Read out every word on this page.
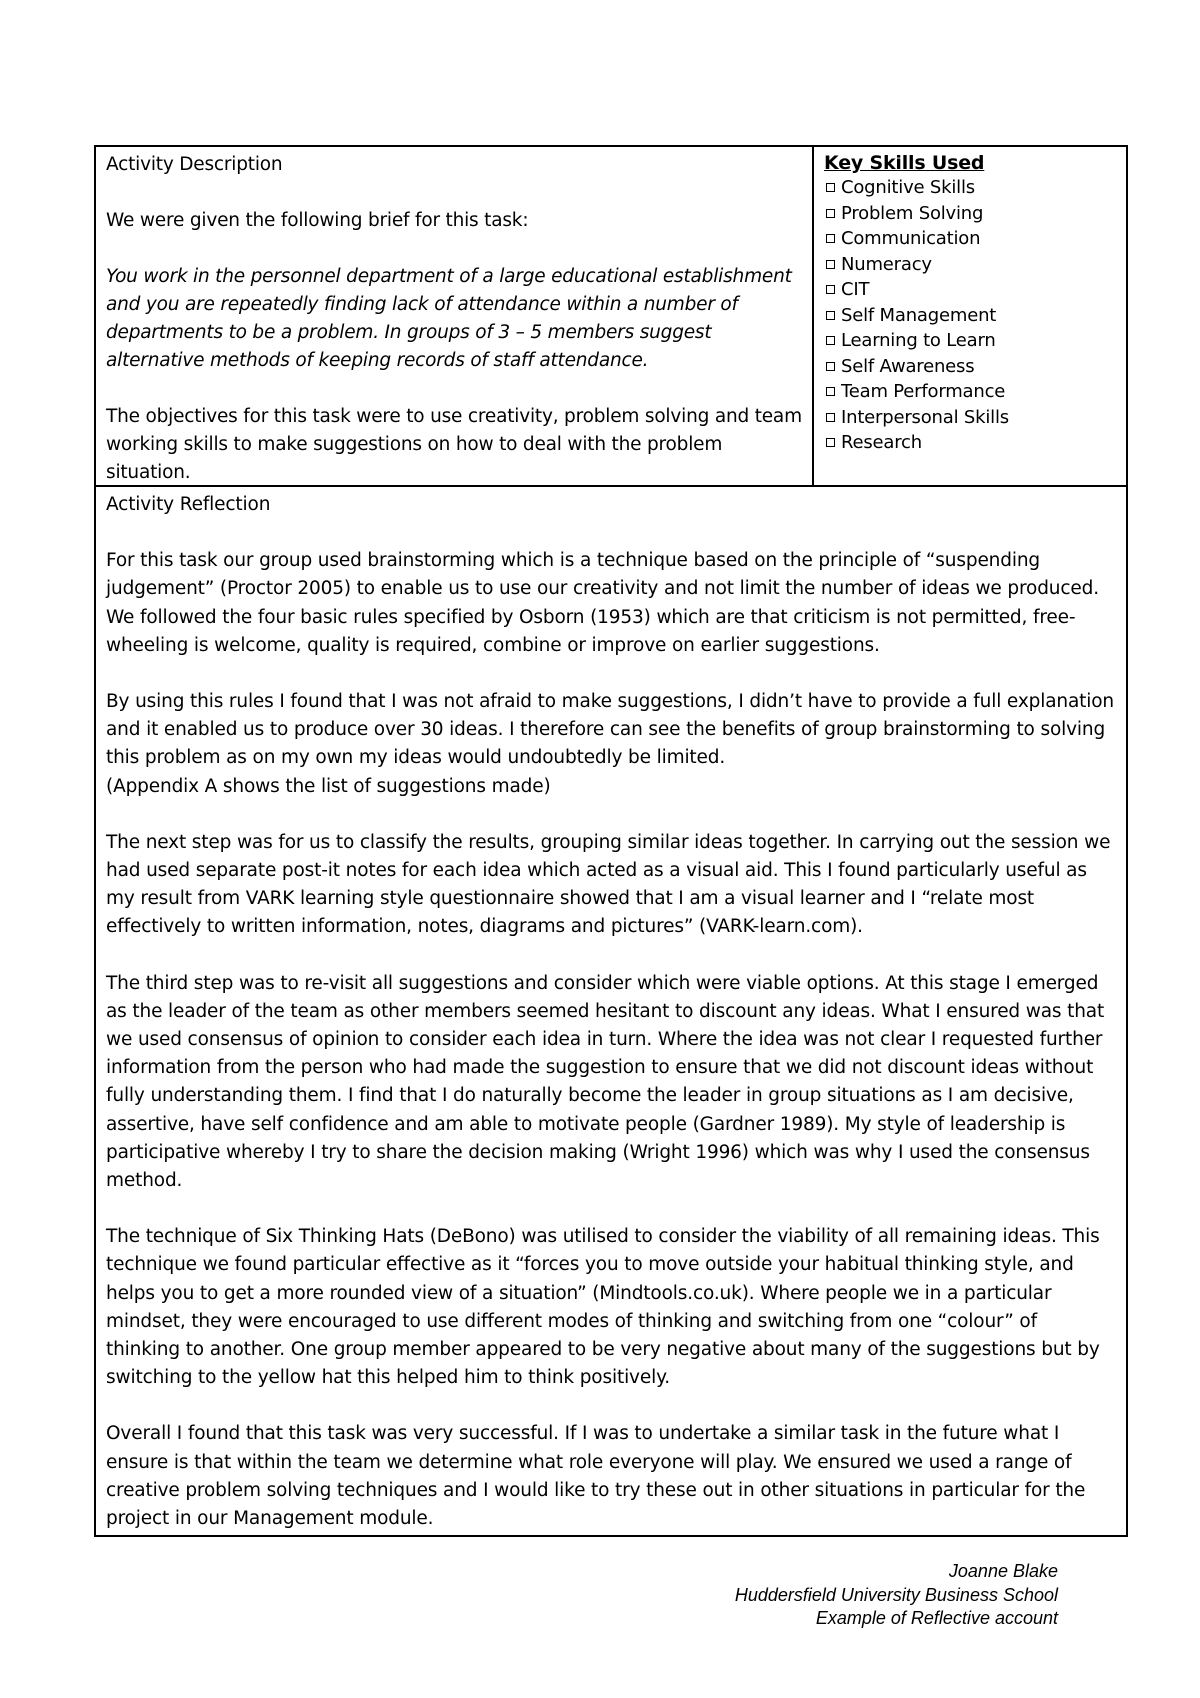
Activity Description

We were given the following brief for this task:

You work in the personnel department of a large educational establishment and you are repeatedly finding lack of attendance within a number of departments to be a problem. In groups of 3 – 5 members suggest alternative methods of keeping records of staff attendance.

The objectives for this task were to use creativity, problem solving and team working skills to make suggestions on how to deal with the problem situation.

Key Skills Used
Cognitive Skills
Problem Solving
Communication
Numeracy
CIT
Self Management
Learning to Learn
Self Awareness
Team Performance
Interpersonal Skills
Research

Activity Reflection

For this task our group used brainstorming which is a technique based on the principle of “suspending judgement” (Proctor 2005) to enable us to use our creativity and not limit the number of ideas we produced. We followed the four basic rules specified by Osborn (1953) which are that criticism is not permitted, free-wheeling is welcome, quality is required, combine or improve on earlier suggestions.

By using this rules I found that I was not afraid to make suggestions, I didn’t have to provide a full explanation and it enabled us to produce over 30 ideas. I therefore can see the benefits of group brainstorming to solving this problem as on my own my ideas would undoubtedly be limited.

(Appendix A shows the list of suggestions made)

The next step was for us to classify the results, grouping similar ideas together. In carrying out the session we had used separate post-it notes for each idea which acted as a visual aid. This I found particularly useful as my result from VARK learning style questionnaire showed that I am a visual learner and I “relate most effectively to written information, notes, diagrams and pictures” (VARK-learn.com).

The third step was to re-visit all suggestions and consider which were viable options. At this stage I emerged as the leader of the team as other members seemed hesitant to discount any ideas. What I ensured was that we used consensus of opinion to consider each idea in turn. Where the idea was not clear I requested further information from the person who had made the suggestion to ensure that we did not discount ideas without fully understanding them. I find that I do naturally become the leader in group situations as I am decisive, assertive, have self confidence and am able to motivate people (Gardner 1989). My style of leadership is participative whereby I try to share the decision making (Wright 1996) which was why I used the consensus method.

The technique of Six Thinking Hats (DeBono) was utilised to consider the viability of all remaining ideas. This technique we found particular effective as it “forces you to move outside your habitual thinking style, and helps you to get a more rounded view of a situation” (Mindtools.co.uk). Where people we in a particular mindset, they were encouraged to use different modes of thinking and switching from one “colour” of thinking to another. One group member appeared to be very negative about many of the suggestions but by switching to the yellow hat this helped him to think positively.

Overall I found that this task was very successful. If I was to undertake a similar task in the future what I ensure is that within the team we determine what role everyone will play. We ensured we used a range of creative problem solving techniques and I would like to try these out in other situations in particular for the project in our Management module.

Joanne Blake
Huddersfield University Business School
Example of Reflective account
